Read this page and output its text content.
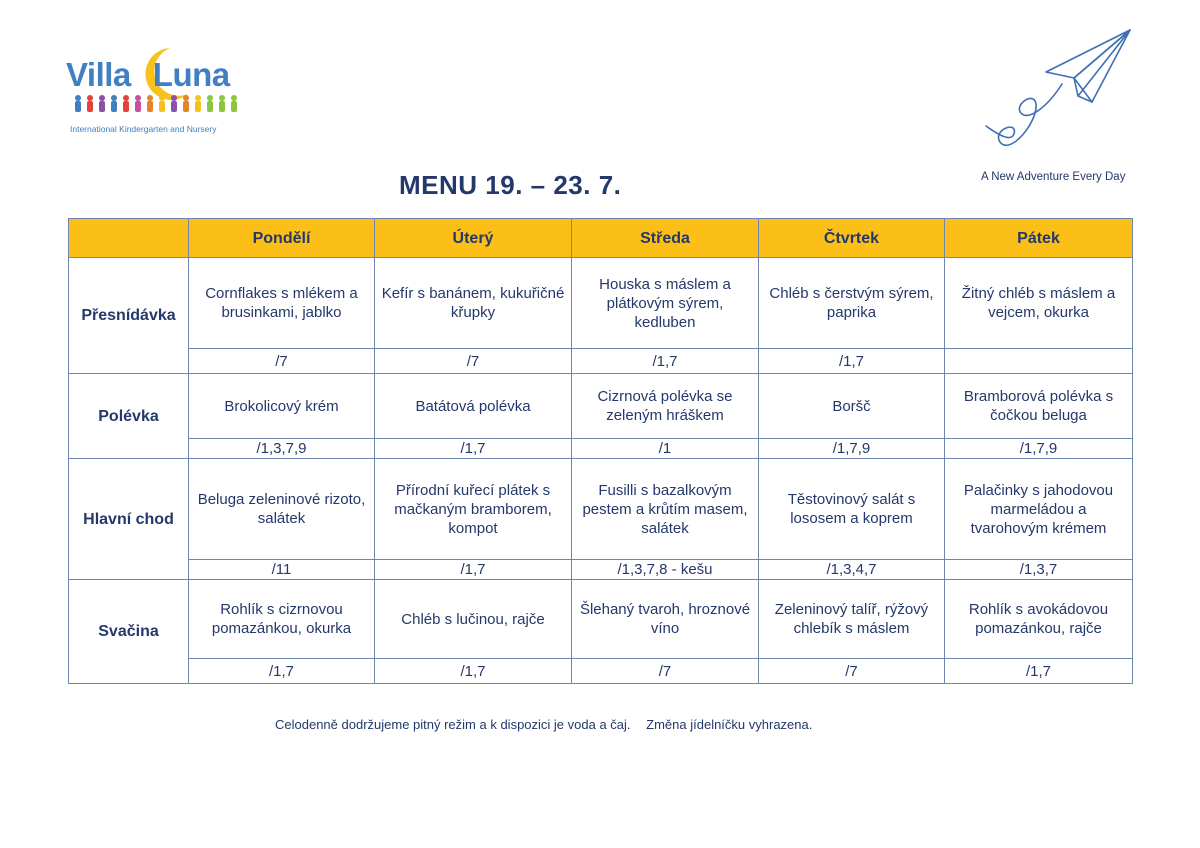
Villa Luna
International Kindergarten and Nursery
A New Adventure Every Day
MENU 19. – 23. 7.
	Pondělí	Úterý	Středa	Čtvrtek	Pátek
Přesnídávka	Cornflakes s mlékem a brusinkami, jablko	Kefír s banánem, kukuřičné křupky	Houska s máslem a plátkovým sýrem, kedluben	Chléb s čerstvým sýrem, paprika	Žitný chléb s máslem a vejcem, okurka
	/7	/7	/1,7	/1,7	
Polévka	Brokolicový krém	Batátová polévka	Cizrnová polévka se zeleným hráškem	Boršč	Bramborová polévka s čočkou beluga
	/1,3,7,9	/1,7	/1	/1,7,9	/1,7,9
Hlavní chod	Beluga zeleninové rizoto, salátek	Přírodní kuřecí plátek s mačkaným bramborem, kompot	Fusilli s bazalkovým pestem a krůtím masem, salátek	Těstovinový salát s lososem a koprem	Palačinky s jahodovou marmeládou a tvarohovým krémem
	/11	/1,7	/1,3,7,8 - kešu	/1,3,4,7	/1,3,7
Svačina	Rohlík s cizrnovou pomazánkou, okurka	Chléb s lučinou, rajče	Šlehaný tvaroh, hroznové víno	Zeleninový talíř, rýžový chlebík s máslem	Rohlík s avokádovou pomazánkou, rajče
	/1,7	/1,7	/7	/7	/1,7
Celodenně dodržujeme pitný režim a k dispozici je voda a čaj. Změna jídelníčku vyhrazena.
